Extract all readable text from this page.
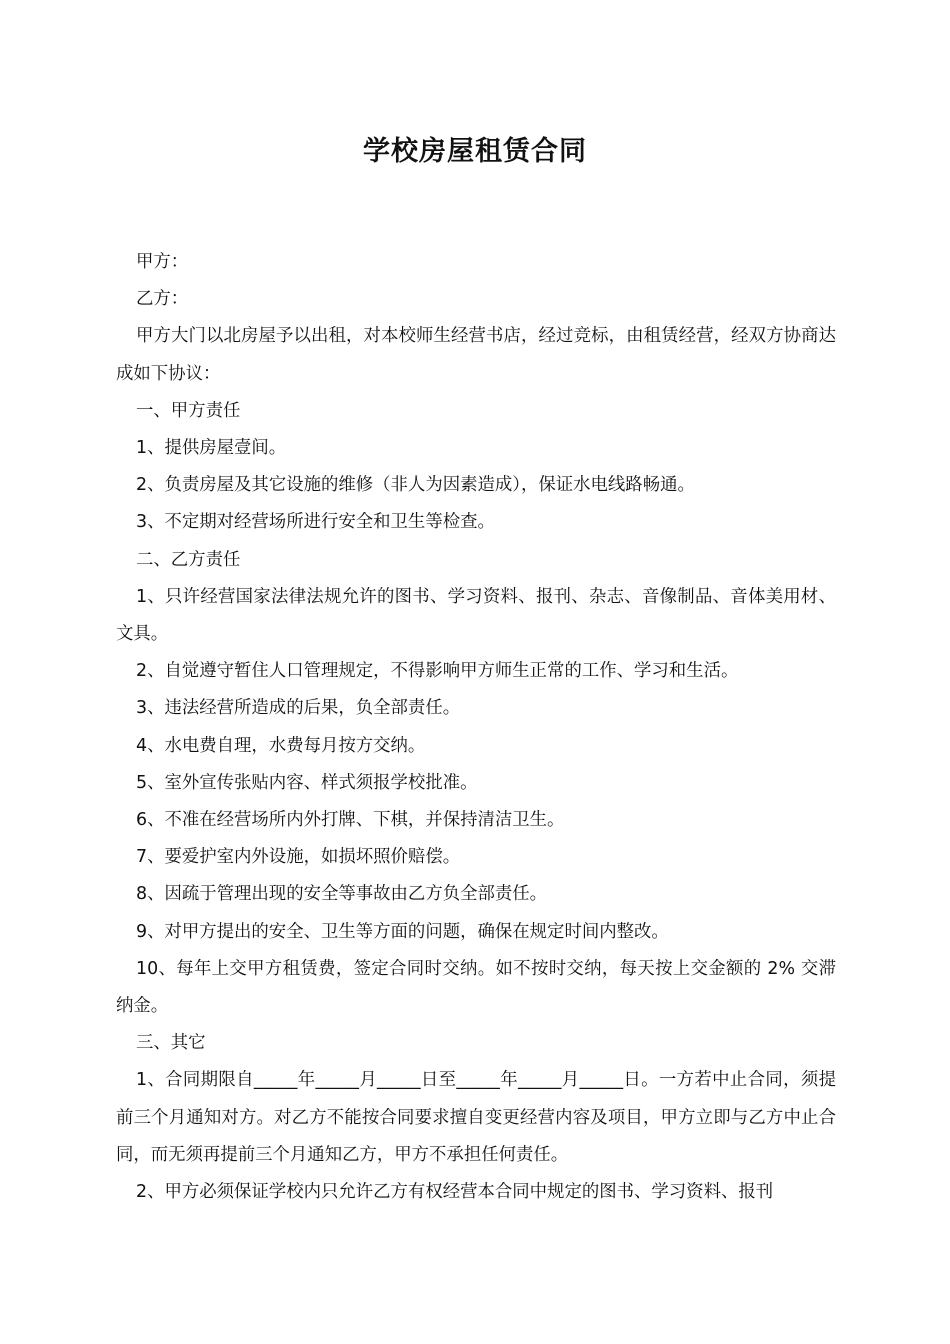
学校房屋租赁合同

甲方：

乙方：

甲方大门以北房屋予以出租，对本校师生经营书店，经过竞标，由租赁经营，经双方协商达成如下协议：

一、甲方责任

1、提供房屋壹间。

2、负责房屋及其它设施的维修（非人为因素造成），保证水电线路畅通。

3、不定期对经营场所进行安全和卫生等检查。

二、乙方责任

1、只许经营国家法律法规允许的图书、学习资料、报刊、杂志、音像制品、音体美用材、文具。

2、自觉遵守暂住人口管理规定，不得影响甲方师生正常的工作、学习和生活。

3、违法经营所造成的后果，负全部责任。

4、水电费自理，水费每月按方交纳。

5、室外宣传张贴内容、样式须报学校批准。

6、不准在经营场所内外打牌、下棋，并保持清洁卫生。

7、要爱护室内外设施，如损坏照价赔偿。

8、因疏于管理出现的安全等事故由乙方负全部责任。

9、对甲方提出的安全、卫生等方面的问题，确保在规定时间内整改。

10、每年上交甲方租赁费，签定合同时交纳。如不按时交纳，每天按上交金额的 2% 交滞纳金。

三、其它

1、合同期限自_____年_____月_____日至_____年_____月_____日。一方若中止合同，须提前三个月通知对方。对乙方不能按合同要求擅自变更经营内容及项目，甲方立即与乙方中止合同，而无须再提前三个月通知乙方，甲方不承担任何责任。

2、甲方必须保证学校内只允许乙方有权经营本合同中规定的图书、学习资料、报刊
